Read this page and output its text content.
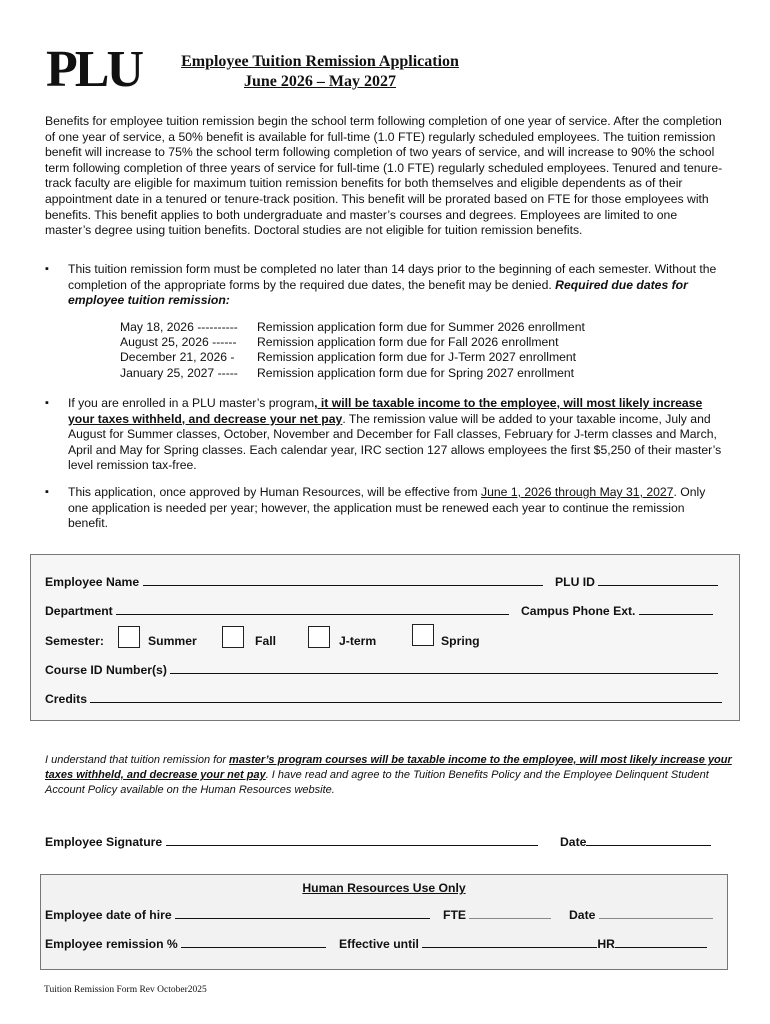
PLU	Employee Tuition Remission Application
June 2026 – May 2027
Benefits for employee tuition remission begin the school term following completion of one year of service. After the completion of one year of service, a 50% benefit is available for full-time (1.0 FTE) regularly scheduled employees. The tuition remission benefit will increase to 75% the school term following completion of two years of service, and will increase to 90% the school term following completion of three years of service for full-time (1.0 FTE) regularly scheduled employees. Tenured and tenure-track faculty are eligible for maximum tuition remission benefits for both themselves and eligible dependents as of their appointment date in a tenured or tenure-track position. This benefit will be prorated based on FTE for those employees with benefits. This benefit applies to both undergraduate and master’s courses and degrees. Employees are limited to one master’s degree using tuition benefits. Doctoral studies are not eligible for tuition remission benefits.
▪ This tuition remission form must be completed no later than 14 days prior to the beginning of each semester. Without the completion of the appropriate forms by the required due dates, the benefit may be denied. Required due dates for employee tuition remission:
May 18, 2026 ----------	Remission application form due for Summer 2026 enrollment
August 25, 2026 ------	Remission application form due for Fall 2026 enrollment
December 21, 2026 -	Remission application form due for J-Term 2027 enrollment
January 25, 2027 -----	Remission application form due for Spring 2027 enrollment
▪ If you are enrolled in a PLU master’s program, it will be taxable income to the employee, will most likely increase your taxes withheld, and decrease your net pay. The remission value will be added to your taxable income, July and August for Summer classes, October, November and December for Fall classes, February for J-term classes and March, April and May for Spring classes. Each calendar year, IRC section 127 allows employees the first $5,250 of their master’s level remission tax-free.
▪ This application, once approved by Human Resources, will be effective from June 1, 2026 through May 31, 2027. Only one application is needed per year; however, the application must be renewed each year to continue the remission benefit.
Employee Name	PLU ID
Department	Campus Phone Ext.
Semester:	Summer	Fall	J-term	Spring
Course ID Number(s)
Credits
I understand that tuition remission for master’s program courses will be taxable income to the employee, will most likely increase your taxes withheld, and decrease your net pay. I have read and agree to the Tuition Benefits Policy and the Employee Delinquent Student Account Policy available on the Human Resources website.
Employee Signature	Date
Human Resources Use Only
Employee date of hire	FTE	Date
Employee remission %	Effective until	HR
Tuition Remission Form Rev October2025
